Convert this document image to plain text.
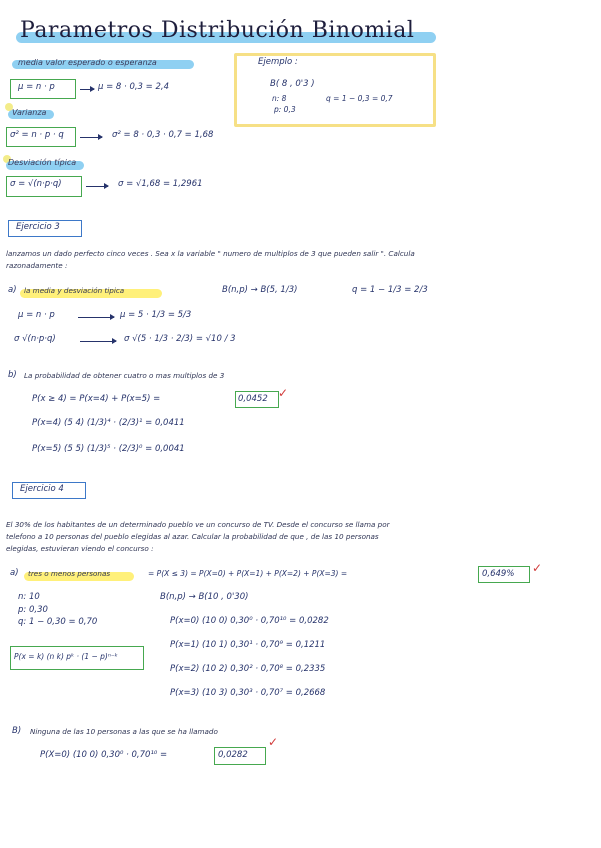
Parametros Distribución Binomial
media valor esperado o esperanza
μ = n · p	μ = 8 · 0,3 = 2,4
Varianza
σ² = n · p · q	σ² = 8 · 0,3 · 0,7 = 1,68
Desviación típica
σ = √(n·p·q)	σ = √1,68 = 1,2961
Ejemplo :
B( 8 , 0'3 )
n: 8	q = 1 − 0,3 = 0,7
p: 0,3
Ejercicio 3
lanzamos un dado perfecto cinco veces . Sea x la variable " numero de multiplos de 3 que pueden salir ". Calcula
razonadamente :
a) la media y desviación tipica	B(n,p) → B(5, 1/3)	q = 1 − 1/3 = 2/3
μ = n · p	μ = 5 · 1/3 = 5/3
σ √(n·p·q)	σ √(5 · 1/3 · 2/3) = √10 / 3
b) La probabilidad de obtener cuatro o mas multiplos de 3
P(x ≥ 4) = P(x=4) + P(x=5) =	0,0452
P(x=4) (5 4) (1/3)⁴ · (2/3)¹ = 0,0411
P(x=5) (5 5) (1/3)⁵ · (2/3)⁰ = 0,0041
Ejercicio 4
El 30% de los habitantes de un determinado pueblo ve un concurso de TV. Desde el concurso se llama por
telefono a 10 personas del pueblo elegidas al azar. Calcular la probabilidad de que , de las 10 personas
elegidas, estuvieran viendo el concurso :
a) tres o menos personas	= P(X ≤ 3) = P(X=0) + P(X=1) + P(X=2) + P(X=3) =	0,649%
n: 10
p: 0,30
q: 1 − 0,30 = 0,70
P(x = k) (n k) pᵏ · (1 − p)ⁿ⁻ᵏ
B(n,p) → B(10 , 0'30)
P(x=0) (10 0) 0,30⁰ · 0,70¹⁰ = 0,0282
P(x=1) (10 1) 0,30¹ · 0,70⁹ = 0,1211
P(x=2) (10 2) 0,30² · 0,70⁸ = 0,2335
P(x=3) (10 3) 0,30³ · 0,70⁷ = 0,2668
B) Ninguna de las 10 personas a las que se ha llamado
P(X=0) (10 0) 0,30⁰ · 0,70¹⁰ =	0,0282
✓
✓
✓
